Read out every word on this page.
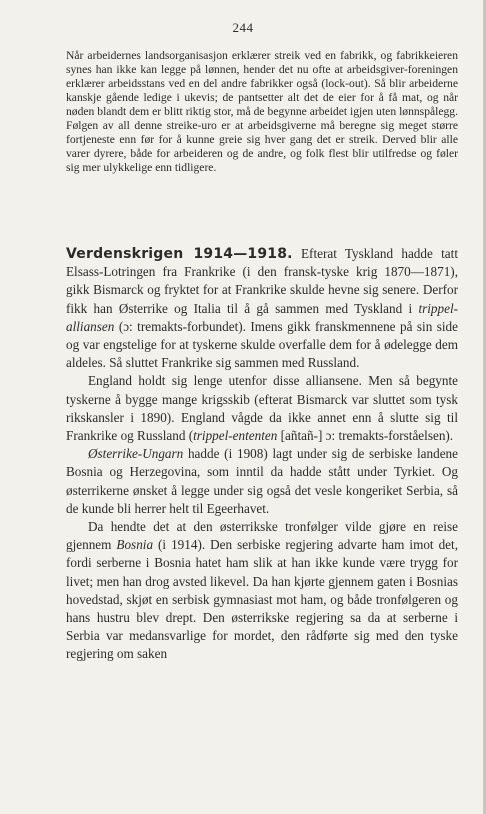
244
Når arbeidernes landsorganisasjon erklærer streik ved en fabrikk, og fabrikkeieren synes han ikke kan legge på lønnen, hender det nu ofte at arbeidsgiver-foreningen erklærer arbeidsstans ved en del andre fabrikker også (lock-out). Så blir arbeiderne kanskje gående ledige i ukevis; de pantsetter alt det de eier for å få mat, og når nøden blandt dem er blitt riktig stor, må de begynne arbeidet igjen uten lønnspålegg. Følgen av all denne streike-uro er at arbeidsgiverne må beregne sig meget større fortjeneste enn før for å kunne greie sig hver gang det er streik. Derved blir alle varer dyrere, både for arbeideren og de andre, og folk flest blir utilfredse og føler sig mer ulykkelige enn tidligere.

Verdenskrigen 1914—1918. Efterat Tyskland hadde tatt Elsass-Lotringen fra Frankrike (i den fransk-tyske krig 1870—1871), gikk Bismarck og fryktet for at Frankrike skulde hevne sig senere. Derfor fikk han Østerrike og Italia til å gå sammen med Tyskland i trippel-alliansen (ɔ: tremakts-forbundet). Imens gikk franskmennene på sin side og var engstelige for at tyskerne skulde overfalle dem for å ødelegge dem aldeles. Så sluttet Frankrike sig sammen med Russland.

England holdt sig lenge utenfor disse alliansene. Men så begynte tyskerne å bygge mange krigsskib (efterat Bismarck var sluttet som tysk rikskansler i 1890). England vågde da ikke annet enn å slutte sig til Frankrike og Russland (trippel-ententen [añtañ-] ɔ: tremakts-forståelsen).

Østerrike-Ungarn hadde (i 1908) lagt under sig de serbiske landene Bosnia og Herzegovina, som inntil da hadde stått under Tyrkiet. Og østerrikerne ønsket å legge under sig også det vesle kongeriket Serbia, så de kunde bli herrer helt til Egeerhavet.

Da hendte det at den østerrikske tronfølger vilde gjøre en reise gjennem Bosnia (i 1914). Den serbiske regjering advarte ham imot det, fordi serberne i Bosnia hatet ham slik at han ikke kunde være trygg for livet; men han drog avsted likevel. Da han kjørte gjennem gaten i Bosnias hovedstad, skjøt en serbisk gymnasiast mot ham, og både tronfølgeren og hans hustru blev drept. Den østerrikske regjering sa da at serberne i Serbia var medansvarlige for mordet, den rådførte sig med den tyske regjering om saken
